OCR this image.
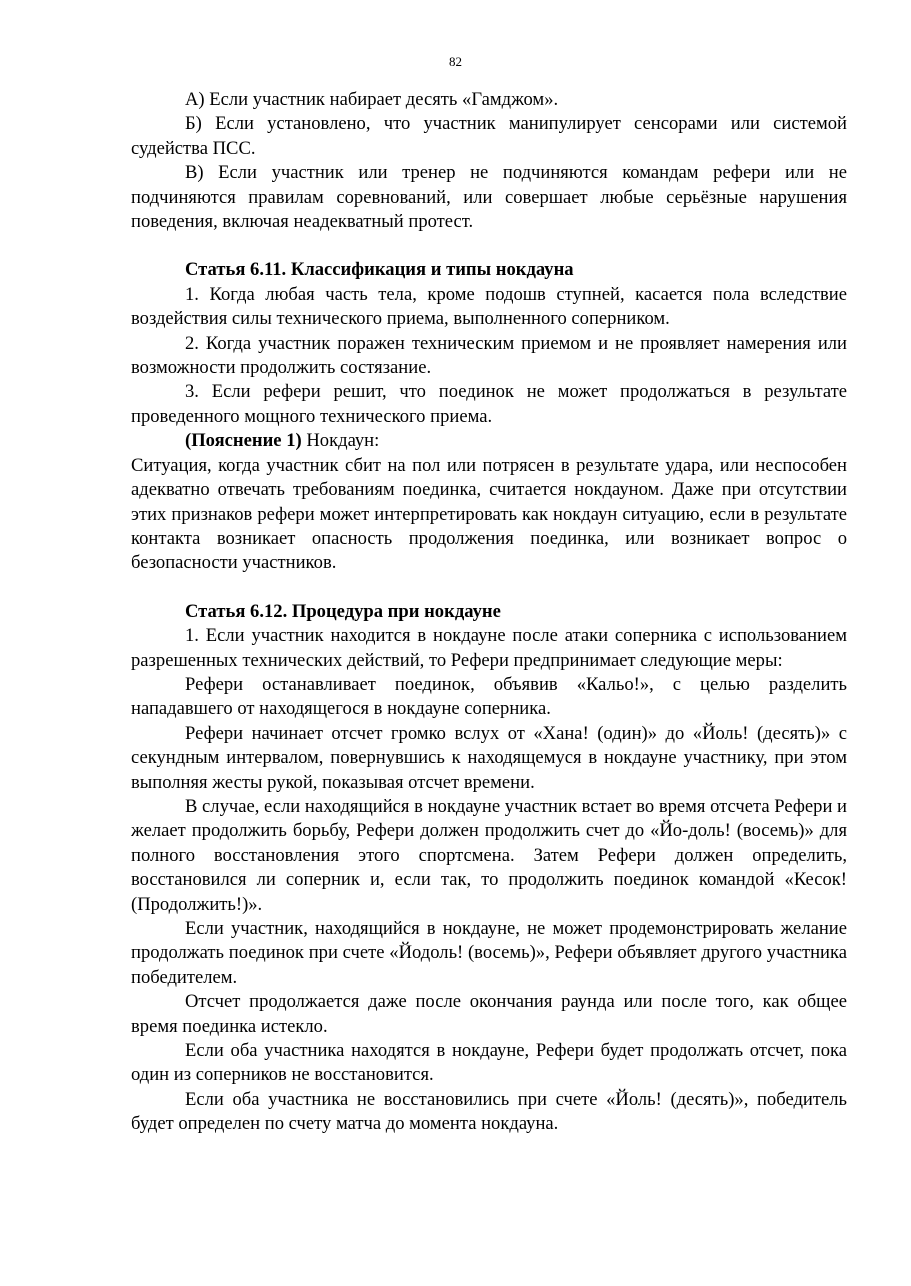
82

А) Если участник набирает десять «Гамджом».

Б) Если установлено, что участник манипулирует сенсорами или системой судейства ПСС.

В) Если участник или тренер не подчиняются командам рефери или не подчиняются правилам соревнований, или совершает любые серьёзные нарушения поведения, включая неадекватный протест.

Статья 6.11. Классификация и типы нокдауна

1. Когда любая часть тела, кроме подошв ступней, касается пола вследствие воздействия силы технического приема, выполненного соперником.

2. Когда участник поражен техническим приемом и не проявляет намерения или возможности продолжить состязание.

3. Если рефери решит, что поединок не может продолжаться в результате проведенного мощного технического приема.

(Пояснение 1) Нокдаун:

Ситуация, когда участник сбит на пол или потрясен в результате удара, или неспособен адекватно отвечать требованиям поединка, считается нокдауном. Даже при отсутствии этих признаков рефери может интерпретировать как нокдаун ситуацию, если в результате контакта возникает опасность продолжения поединка, или возникает вопрос о безопасности участников.

Статья 6.12. Процедура при нокдауне

1. Если участник находится в нокдауне после атаки соперника с использованием разрешенных технических действий, то Рефери предпринимает следующие меры:

Рефери останавливает поединок, объявив «Кальо!», с целью разделить нападавшего от находящегося в нокдауне соперника.

Рефери начинает отсчет громко вслух от «Хана! (один)» до «Йоль! (десять)» с секундным интервалом, повернувшись к находящемуся в нокдауне участнику, при этом выполняя жесты рукой, показывая отсчет времени.

В случае, если находящийся в нокдауне участник встает во время отсчета Рефери и желает продолжить борьбу, Рефери должен продолжить счет до «Йо-доль! (восемь)» для полного восстановления этого спортсмена. Затем Рефери должен определить, восстановился ли соперник и, если так, то продолжить поединок командой «Кесок! (Продолжить!)».

Если участник, находящийся в нокдауне, не может продемонстрировать желание продолжать поединок при счете «Йодоль! (восемь)», Рефери объявляет другого участника победителем.

Отсчет продолжается даже после окончания раунда или после того, как общее время поединка истекло.

Если оба участника находятся в нокдауне, Рефери будет продолжать отсчет, пока один из соперников не восстановится.

Если оба участника не восстановились при счете «Йоль! (десять)», победитель будет определен по счету матча до момента нокдауна.
